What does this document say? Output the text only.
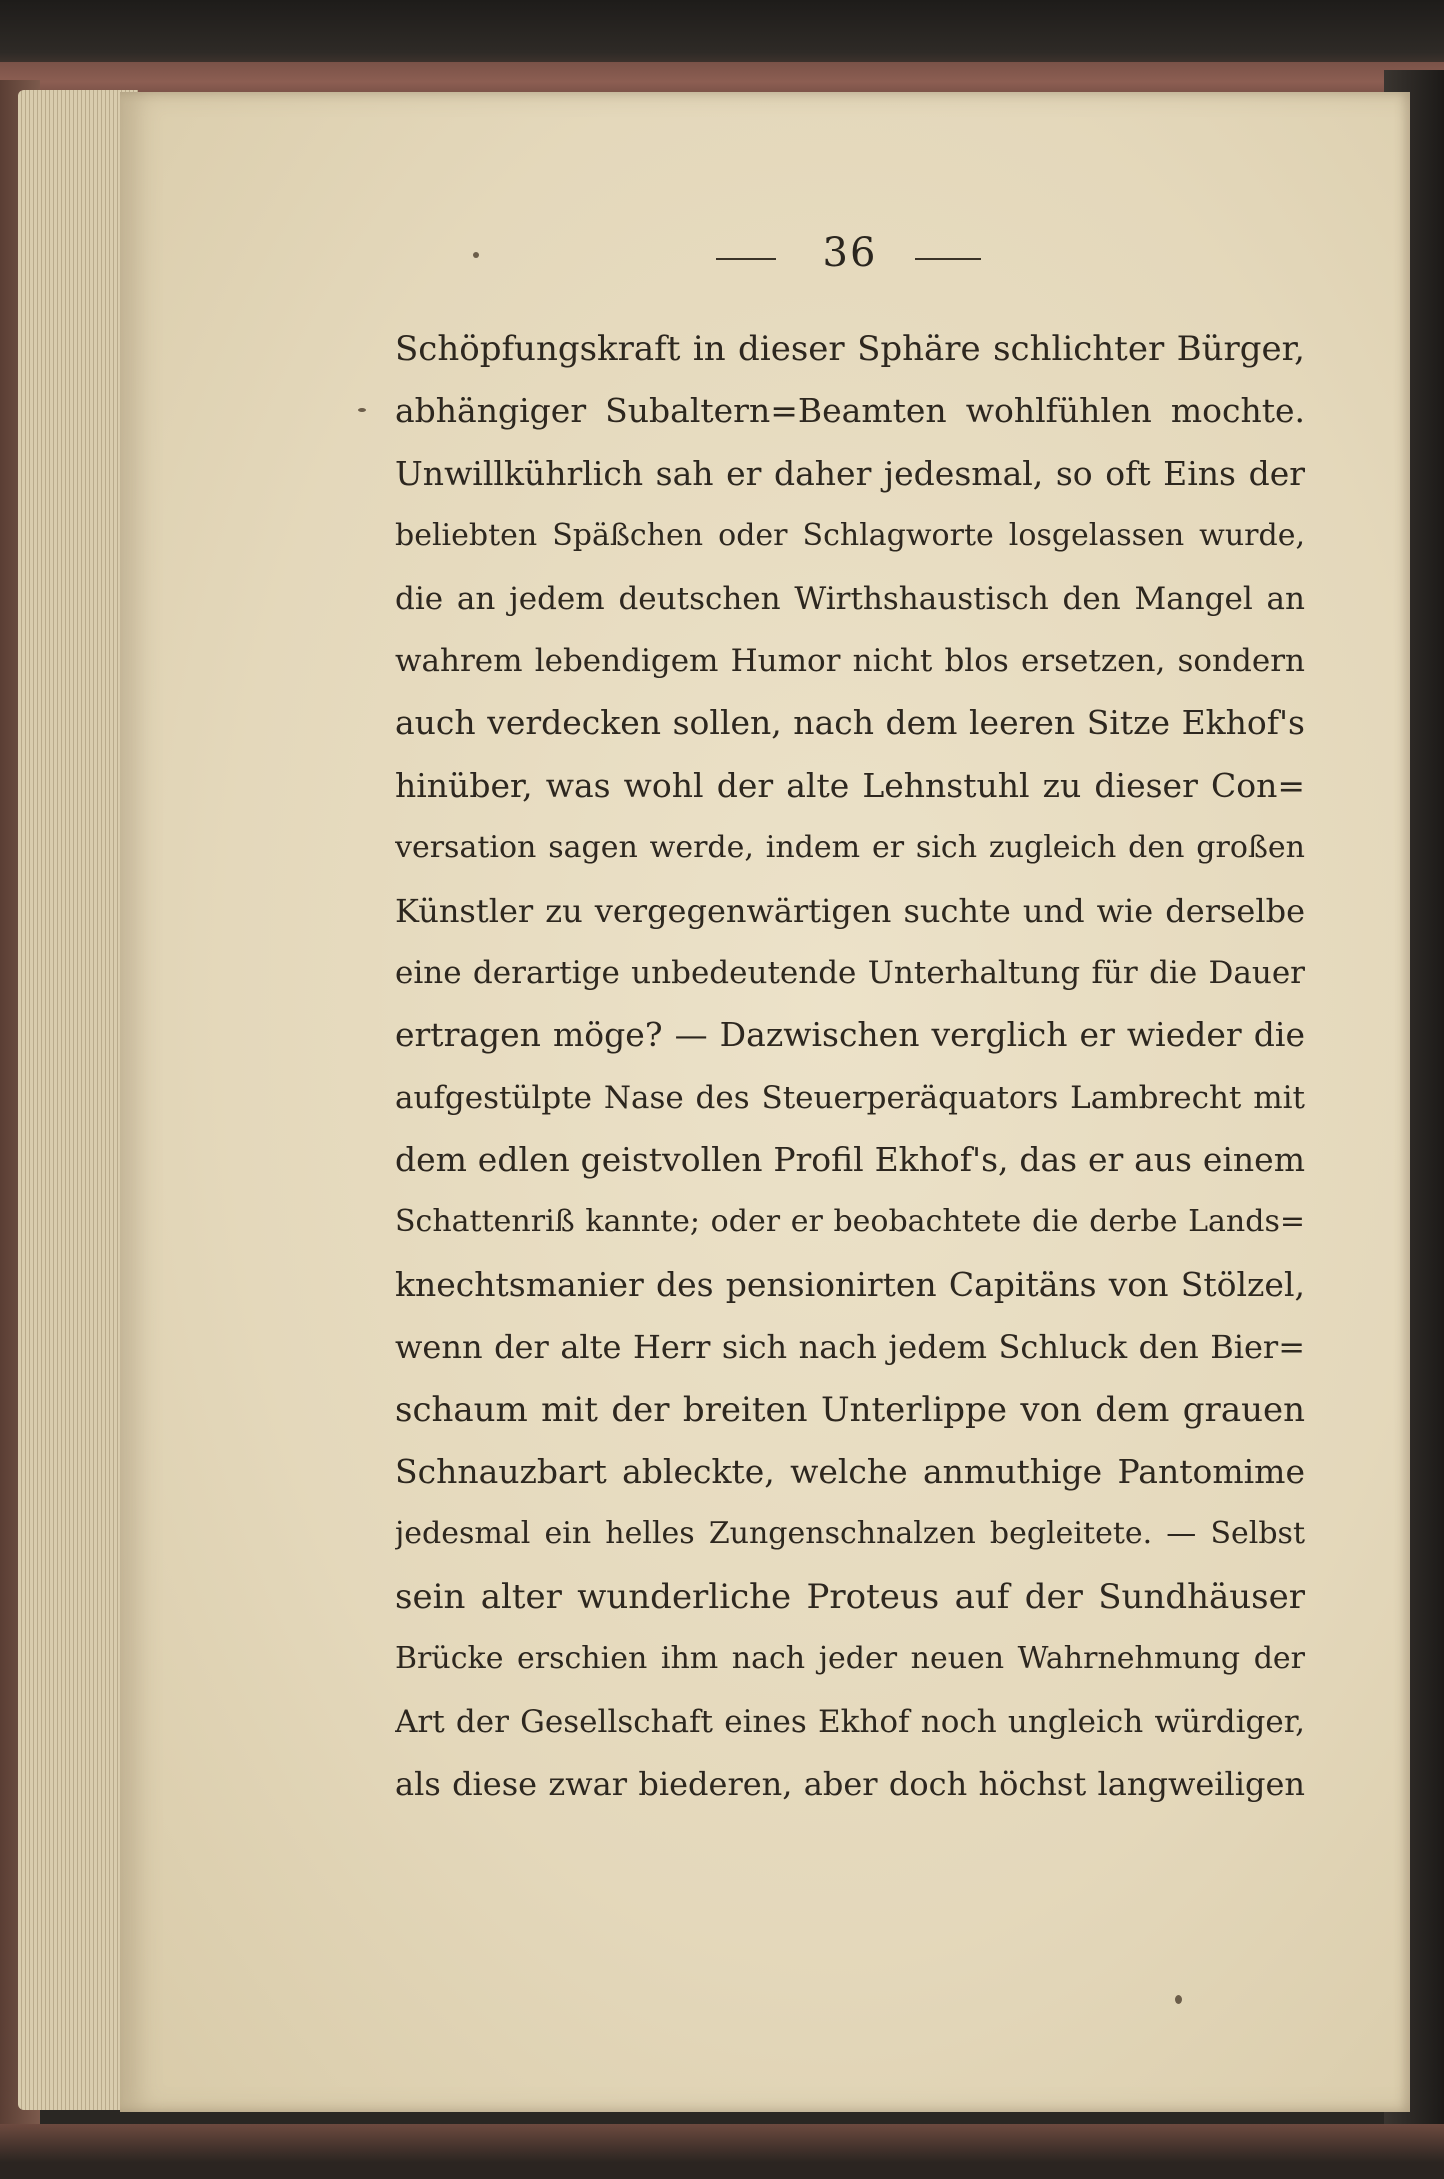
36
Schöpfungskraft in dieser Sphäre schlichter Bürger,
abhängiger Subaltern=Beamten wohlfühlen mochte.
Unwillkührlich sah er daher jedesmal, so oft Eins der
beliebten Späßchen oder Schlagworte losgelassen wurde,
die an jedem deutschen Wirthshaustisch den Mangel an
wahrem lebendigem Humor nicht blos ersetzen, sondern
auch verdecken sollen, nach dem leeren Sitze Ekhof's
hinüber, was wohl der alte Lehnstuhl zu dieser Con=
versation sagen werde, indem er sich zugleich den großen
Künstler zu vergegenwärtigen suchte und wie derselbe
eine derartige unbedeutende Unterhaltung für die Dauer
ertragen möge? — Dazwischen verglich er wieder die
aufgestülpte Nase des Steuerperäquators Lambrecht mit
dem edlen geistvollen Profil Ekhof's, das er aus einem
Schattenriß kannte; oder er beobachtete die derbe Lands=
knechtsmanier des pensionirten Capitäns von Stölzel,
wenn der alte Herr sich nach jedem Schluck den Bier=
schaum mit der breiten Unterlippe von dem grauen
Schnauzbart ableckte, welche anmuthige Pantomime
jedesmal ein helles Zungenschnalzen begleitete. — Selbst
sein alter wunderliche Proteus auf der Sundhäuser
Brücke erschien ihm nach jeder neuen Wahrnehmung der
Art der Gesellschaft eines Ekhof noch ungleich würdiger,
als diese zwar biederen, aber doch höchst langweiligen
